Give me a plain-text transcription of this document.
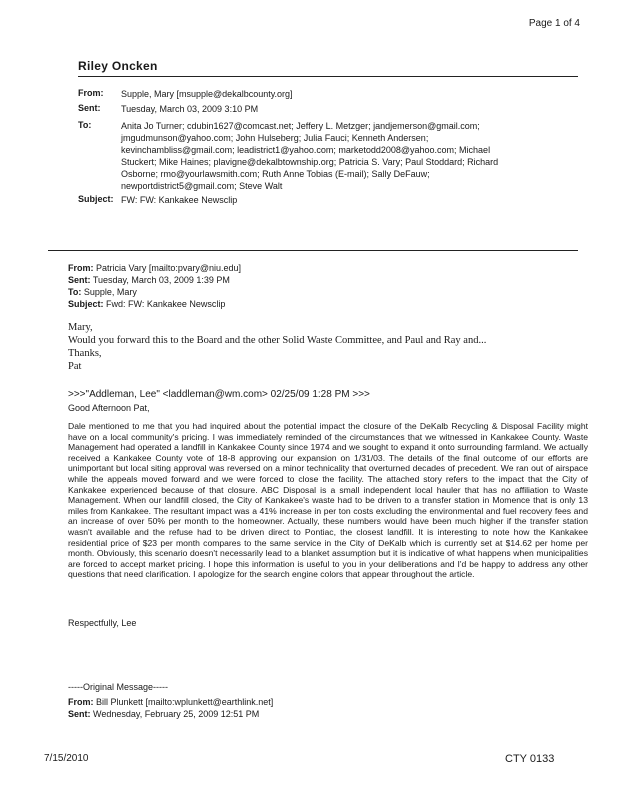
Page 1 of 4
Riley Oncken
From: Supple, Mary [msupple@dekalbcounty.org]
Sent: Tuesday, March 03, 2009 3:10 PM
To:	Anita Jo Turner; cdubin1627@comcast.net; Jeffery L. Metzger; jandjemerson@gmail.com;
jmgudmunson@yahoo.com; John Hulseberg; Julia Fauci; Kenneth Andersen;
kevinchambliss@gmail.com; leadistrict1@yahoo.com; marketodd2008@yahoo.com; Michael
Stuckert; Mike Haines; plavigne@dekalbtownship.org; Patricia S. Vary; Paul Stoddard; Richard
Osborne; rmo@yourlawsmith.com; Ruth Anne Tobias (E-mail); Sally DeFauw;
newportdistrict5@gmail.com; Steve Walt
Subject: FW: FW: Kankakee Newsclip
From: Patricia Vary [mailto:pvary@niu.edu]
Sent: Tuesday, March 03, 2009 1:39 PM
To: Supple, Mary
Subject: Fwd: FW: Kankakee Newsclip
Mary,
Would you forward this to the Board and the other Solid Waste Committee, and Paul and Ray and...
Thanks,
Pat
>>>"Addleman, Lee" <laddleman@wm.com> 02/25/09 1:28 PM >>>
Good Afternoon Pat,
Dale mentioned to me that you had inquired about the potential impact the closure of the DeKalb Recycling & Disposal Facility might have on a local community's pricing. I was immediately reminded of the circumstances that we witnessed in Kankakee County. Waste Management had operated a landfill in Kankakee County since 1974 and we sought to expand it onto surrounding farmland. We actually received a Kankakee County vote of 18-8 approving our expansion on 1/31/03. The details of the final outcome of our efforts are unimportant but local siting approval was reversed on a minor technicality that overturned decades of precedent. We ran out of airspace while the appeals moved forward and we were forced to close the facility. The attached story refers to the impact that the City of Kankakee experienced because of that closure. ABC Disposal is a small independent local hauler that has no affiliation to Waste Management. When our landfill closed, the City of Kankakee's waste had to be driven to a transfer station in Momence that is only 13 miles from Kankakee. The resultant impact was a 41% increase in per ton costs excluding the environmental and fuel recovery fees and an increase of over 50% per month to the homeowner. Actually, these numbers would have been much higher if the transfer station wasn't available and the refuse had to be driven direct to Pontiac, the closest landfill. It is interesting to note how the Kankakee residential price of $23 per month compares to the same service in the City of DeKalb which is currently set at $14.62 per home per month. Obviously, this scenario doesn't necessarily lead to a blanket assumption but it is indicative of what happens when municipalities are forced to accept market pricing. I hope this information is useful to you in your deliberations and I'd be happy to address any other questions that need clarification. I apologize for the search engine colors that appear throughout the article.
Respectfully, Lee
-----Original Message-----
From: Bill Plunkett [mailto:wplunkett@earthlink.net]
Sent: Wednesday, February 25, 2009 12:51 PM
7/15/2010	CTY 0133
